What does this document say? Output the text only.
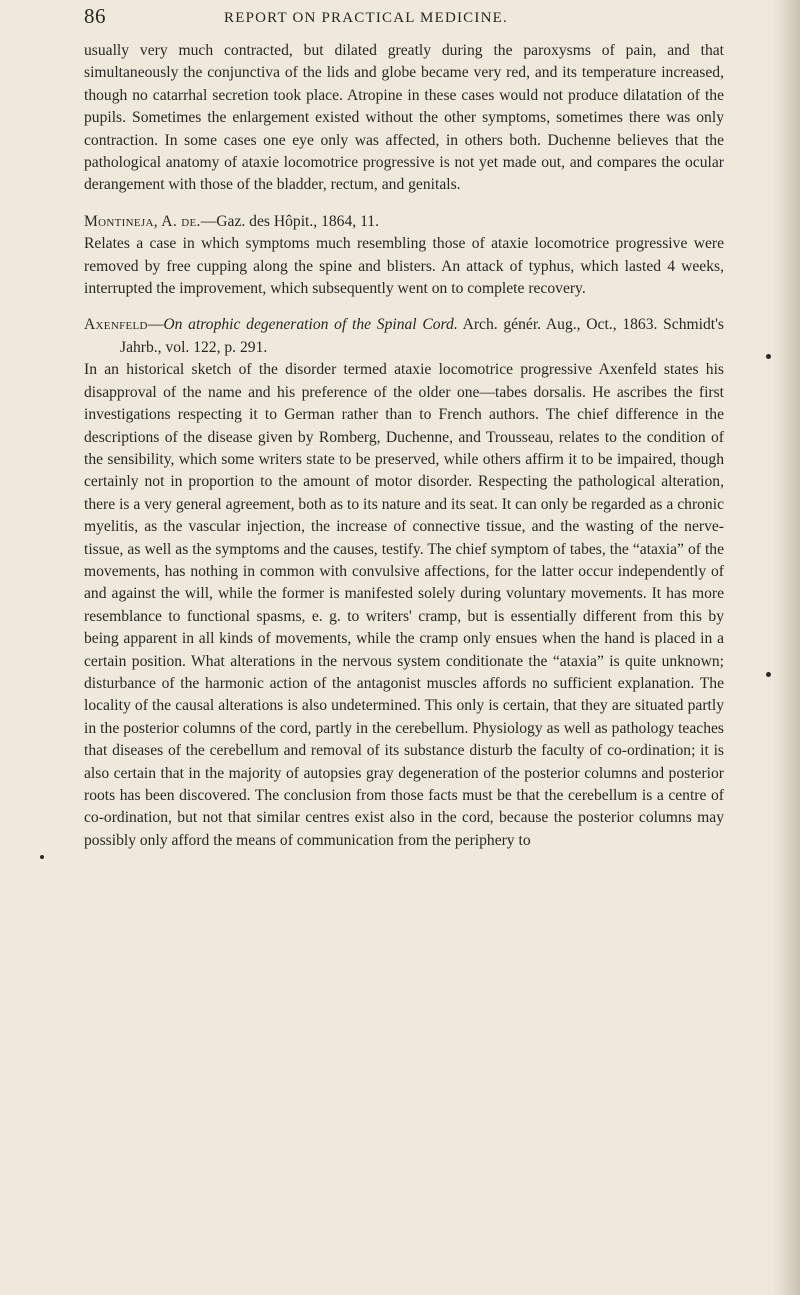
86	REPORT ON PRACTICAL MEDICINE.

usually very much contracted, but dilated greatly during the paroxysms of pain, and that simultaneously the conjunctiva of the lids and globe became very red, and its temperature increased, though no catarrhal secretion took place. Atropine in these cases would not produce dilatation of the pupils. Sometimes the enlargement existed without the other symptoms, sometimes there was only contraction. In some cases one eye only was affected, in others both. Duchenne believes that the pathological anatomy of ataxie locomotrice progressive is not yet made out, and compares the ocular derangement with those of the bladder, rectum, and genitals.

Montineja, A. de.—Gaz. des Hôpit., 1864, 11.
Relates a case in which symptoms much resembling those of ataxie locomotrice progressive were removed by free cupping along the spine and blisters. An attack of typhus, which lasted 4 weeks, interrupted the improvement, which subsequently went on to complete recovery.

Axenfeld—On atrophic degeneration of the Spinal Cord. Arch. génér. Aug., Oct., 1863. Schmidt's Jahrb., vol. 122, p. 291.
In an historical sketch of the disorder termed ataxie locomotrice progressive Axenfeld states his disapproval of the name and his preference of the older one—tabes dorsalis. He ascribes the first investigations respecting it to German rather than to French authors. The chief difference in the descriptions of the disease given by Romberg, Duchenne, and Trousseau, relates to the condition of the sensibility, which some writers state to be preserved, while others affirm it to be impaired, though certainly not in proportion to the amount of motor disorder. Respecting the pathological alteration, there is a very general agreement, both as to its nature and its seat. It can only be regarded as a chronic myelitis, as the vascular injection, the increase of connective tissue, and the wasting of the nerve-tissue, as well as the symptoms and the causes, testify. The chief symptom of tabes, the “ataxia” of the movements, has nothing in common with convulsive affections, for the latter occur independently of and against the will, while the former is manifested solely during voluntary movements. It has more resemblance to functional spasms, e. g. to writers' cramp, but is essentially different from this by being apparent in all kinds of movements, while the cramp only ensues when the hand is placed in a certain position. What alterations in the nervous system conditionate the “ataxia” is quite unknown; disturbance of the harmonic action of the antagonist muscles affords no sufficient explanation. The locality of the causal alterations is also undetermined. This only is certain, that they are situated partly in the posterior columns of the cord, partly in the cerebellum. Physiology as well as pathology teaches that diseases of the cerebellum and removal of its substance disturb the faculty of co-ordination; it is also certain that in the majority of autopsies gray degeneration of the posterior columns and posterior roots has been discovered. The conclusion from those facts must be that the cerebellum is a centre of co-ordination, but not that similar centres exist also in the cord, because the posterior columns may possibly only afford the means of communication from the periphery to
